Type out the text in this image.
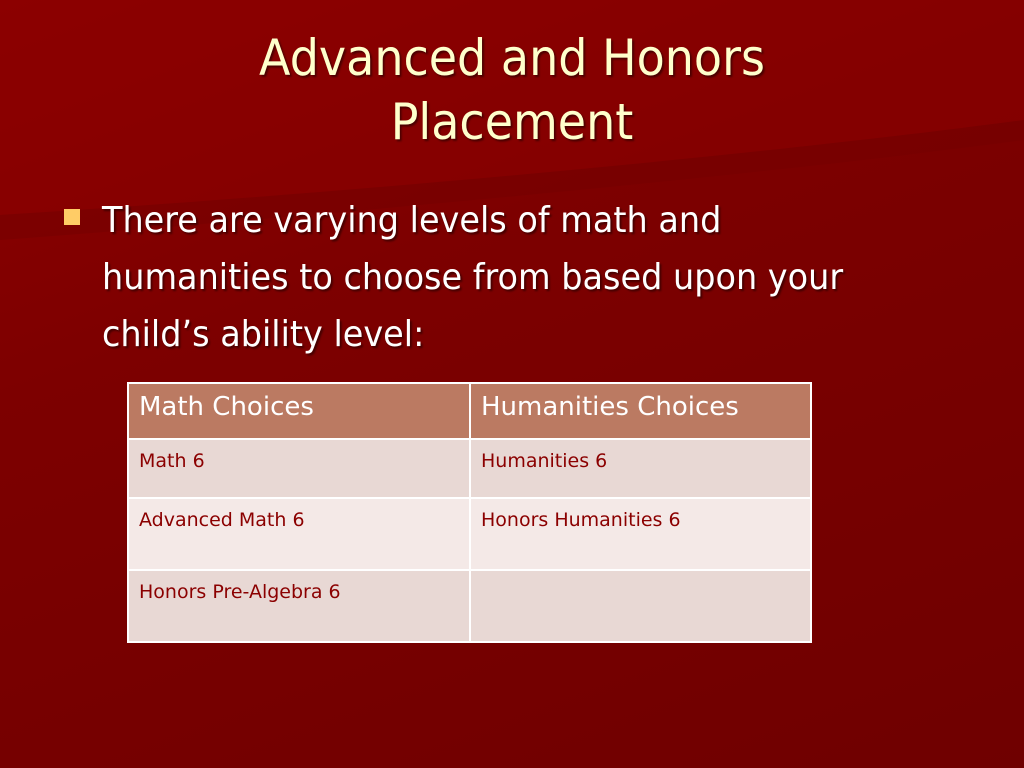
Advanced and Honors
Placement
There are varying levels of math and humanities to choose from based upon your child’s ability level:
Math Choices	Humanities Choices
Math 6	Humanities 6
Advanced Math 6	Honors Humanities 6
Honors Pre-Algebra 6	
